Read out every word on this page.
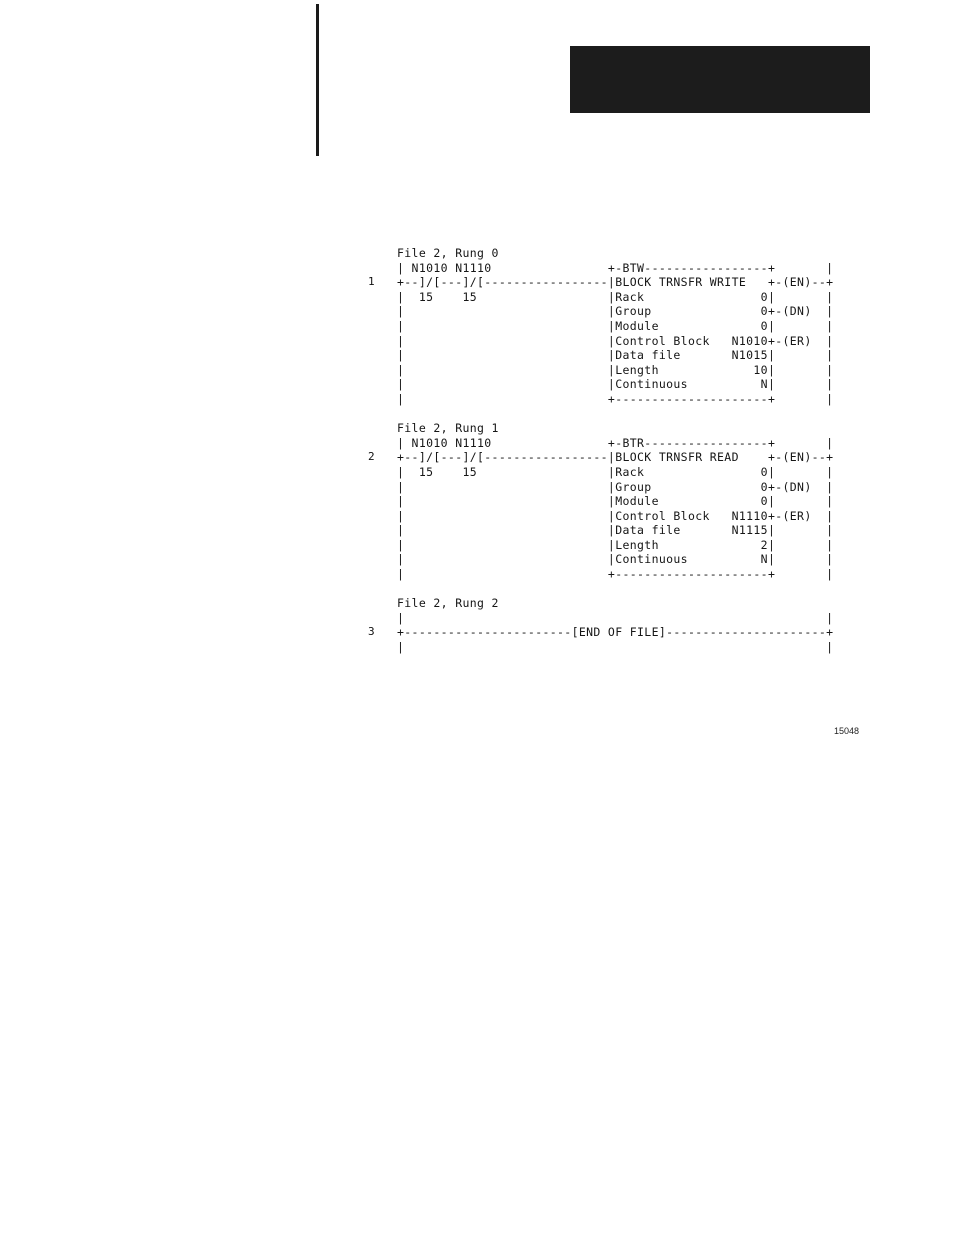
1
2
3
File 2, Rung 0
| N1010 N1110                +-BTW-----------------+       |
+--]/[---]/[-----------------|BLOCK TRNSFR WRITE   +-(EN)--+
|  15    15                  |Rack                0|       |
|                            |Group               0+-(DN)  |
|                            |Module              0|       |
|                            |Control Block   N1010+-(ER)  |
|                            |Data file       N1015|       |
|                            |Length             10|       |
|                            |Continuous          N|       |
|                            +---------------------+       |
File 2, Rung 1
| N1010 N1110                +-BTR-----------------+       |
+--]/[---]/[-----------------|BLOCK TRNSFR READ    +-(EN)--+
|  15    15                  |Rack                0|       |
|                            |Group               0+-(DN)  |
|                            |Module              0|       |
|                            |Control Block   N1110+-(ER)  |
|                            |Data file       N1115|       |
|                            |Length              2|       |
|                            |Continuous          N|       |
|                            +---------------------+       |
File 2, Rung 2
|                                                          |
+-----------------------[END OF FILE]----------------------+
|                                                          |
15048
